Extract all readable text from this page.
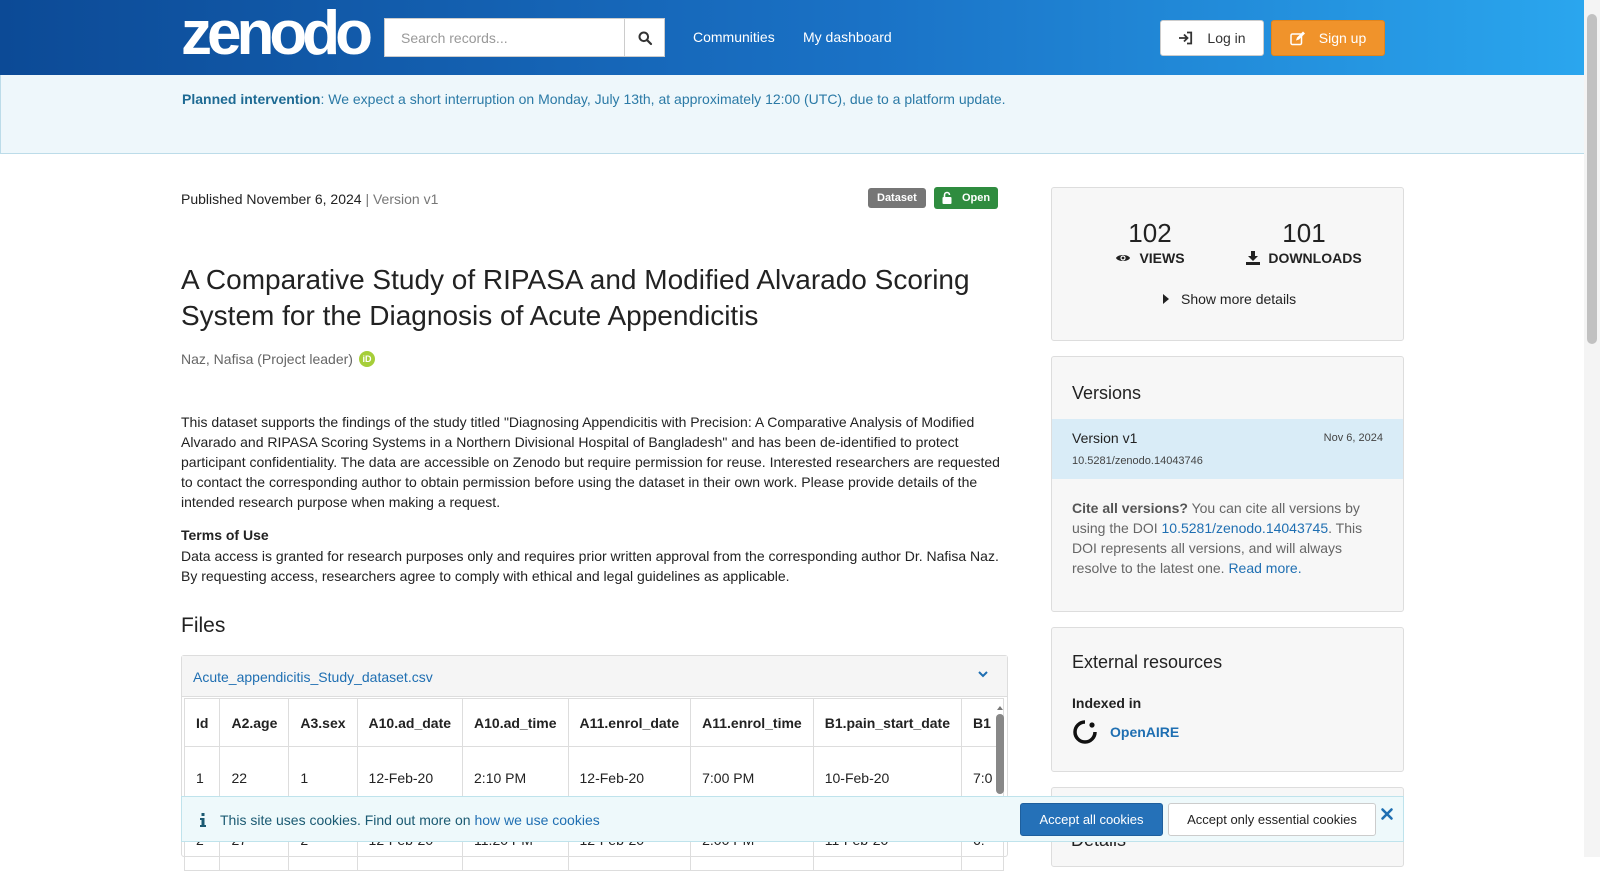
zenodo
Search records...	Communities My dashboard	Log in	Sign up
Planned intervention: We expect a short interruption on Monday, July 13th, at approximately 12:00 (UTC), due to a platform update.
Published November 6, 2024 | Version v1	Dataset	Open
A Comparative Study of RIPASA and Modified Alvarado Scoring System for the Diagnosis of Acute Appendicitis
Naz, Nafisa (Project leader)	iD

This dataset supports the findings of the study titled "Diagnosing Appendicitis with Precision: A Comparative Analysis of Modified Alvarado and RIPASA Scoring Systems in a Northern Divisional Hospital of Bangladesh" and has been de-identified to protect participant confidentiality. The data are accessible on Zenodo but require permission for reuse. Interested researchers are requested to contact the corresponding author to obtain permission before using the dataset in their own work. Please provide details of the intended research purpose when making a request.

Terms of Use

Data access is granted for research purposes only and requires prior written approval from the corresponding author Dr. Nafisa Naz. By requesting access, researchers agree to comply with ethical and legal guidelines as applicable.

Files
Acute_appendicitis_Study_dataset.csv
Id	A2.age	A3.sex	A10.ad_date	A10.ad_time	A11.enrol_date	A11.enrol_time	B1.pain_start_date	B1
1	22	1	12-Feb-20	2:10 PM	12-Feb-20	7:00 PM	10-Feb-20	7:0

102
VIEWS
101
DOWNLOADS
Show more details
Versions
Version v1	Nov 6, 2024
10.5281/zenodo.14043746

Cite all versions? You can cite all versions by using the DOI 10.5281/zenodo.14043745. This DOI represents all versions, and will always resolve to the latest one. Read more.

External resources
Indexed in
OpenAIRE
This site uses cookies. Find out more on how we use cookies	Accept all cookies	Accept only essential cookies
